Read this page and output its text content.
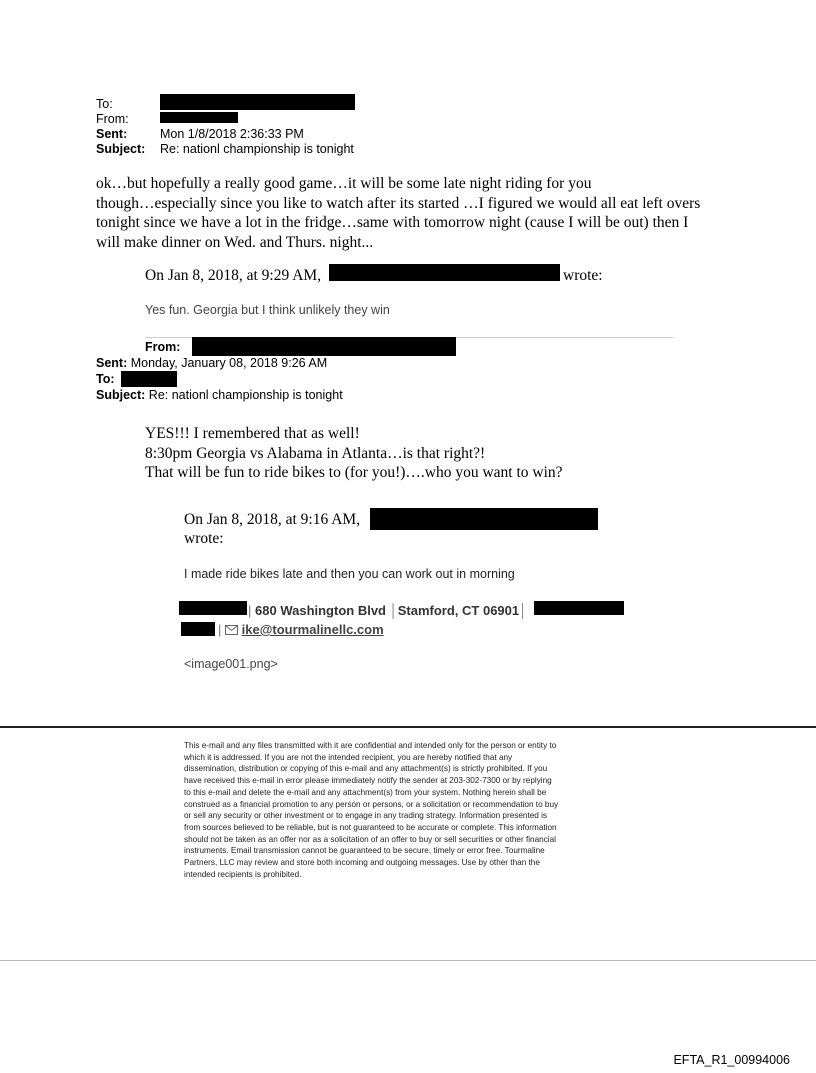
To:
From:
Sent:	Mon 1/8/2018 2:36:33 PM
Subject: Re: nationl championship is tonight
ok…but hopefully a really good game…it will be some late night riding for you
though…especially since you like to watch after its started …I figured we would all eat left overs
tonight since we have a lot in the fridge…same with tomorrow night (cause I will be out) then I
will make dinner on Wed. and Thurs. night...
On Jan 8, 2018, at 9:29 AM,	wrote:
Yes fun. Georgia but I think unlikely they win
From:
Sent: Monday, January 08, 2018 9:26 AM
To:
Subject: Re: nationl championship is tonight
YES!!! I remembered that as well!
8:30pm Georgia vs Alabama in Atlanta…is that right?!
That will be fun to ride bikes to (for you!)….who you want to win?
On Jan 8, 2018, at 9:16 AM,
wrote:
I made ride bikes late and then you can work out in morning
| 680 Washington Blvd │Stamford, CT 06901│
| ike@tourmalinellc.com
<image001.png>
This e-mail and any files transmitted with it are confidential and intended only for the person or entity to
which it is addressed. If you are not the intended recipient, you are hereby notified that any
dissemination, distribution or copying of this e-mail and any attachment(s) is strictly prohibited. If you
have received this e-mail in error please immediately notify the sender at 203-302-7300 or by replying
to this e-mail and delete the e-mail and any attachment(s) from your system. Nothing herein shall be
construed as a financial promotion to any person or persons, or a solicitation or recommendation to buy
or sell any security or other investment or to engage in any trading strategy. Information presented is
from sources believed to be reliable, but is not guaranteed to be accurate or complete. This information
should not be taken as an offer nor as a solicitation of an offer to buy or sell securities or other financial
instruments. Email transmission cannot be guaranteed to be secure, timely or error free. Tourmaline
Partners, LLC may review and store both incoming and outgoing messages. Use by other than the
intended recipients is prohibited.
EFTA_R1_00994006
